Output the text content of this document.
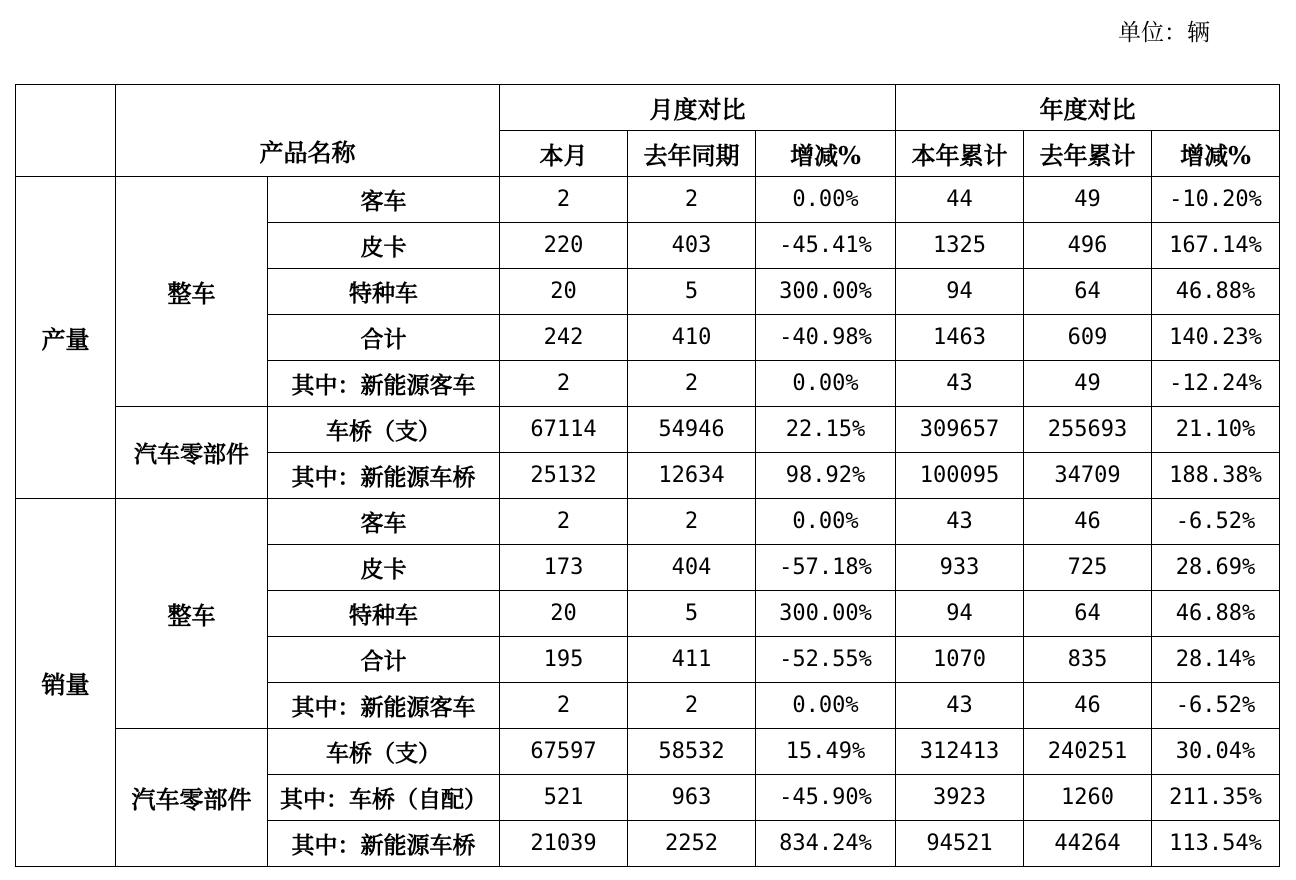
单位：辆
	产品名称		月度对比			年度对比		
			本月	去年同期	增减%	本年累计	去年累计	增减%
产量	整车	客车	2	2	0.00%	44	49	-10.20%
		皮卡	220	403	-45.41%	1325	496	167.14%
		特种车	20	5	300.00%	94	64	46.88%
		合计	242	410	-40.98%	1463	609	140.23%
		其中：新能源客车	2	2	0.00%	43	49	-12.24%
	汽车零部件	车桥（支）	67114	54946	22.15%	309657	255693	21.10%
		其中：新能源车桥	25132	12634	98.92%	100095	34709	188.38%
销量	整车	客车	2	2	0.00%	43	46	-6.52%
		皮卡	173	404	-57.18%	933	725	28.69%
		特种车	20	5	300.00%	94	64	46.88%
		合计	195	411	-52.55%	1070	835	28.14%
		其中：新能源客车	2	2	0.00%	43	46	-6.52%
	汽车零部件	车桥（支）	67597	58532	15.49%	312413	240251	30.04%
		其中：车桥（自配）	521	963	-45.90%	3923	1260	211.35%
		其中：新能源车桥	21039	2252	834.24%	94521	44264	113.54%
